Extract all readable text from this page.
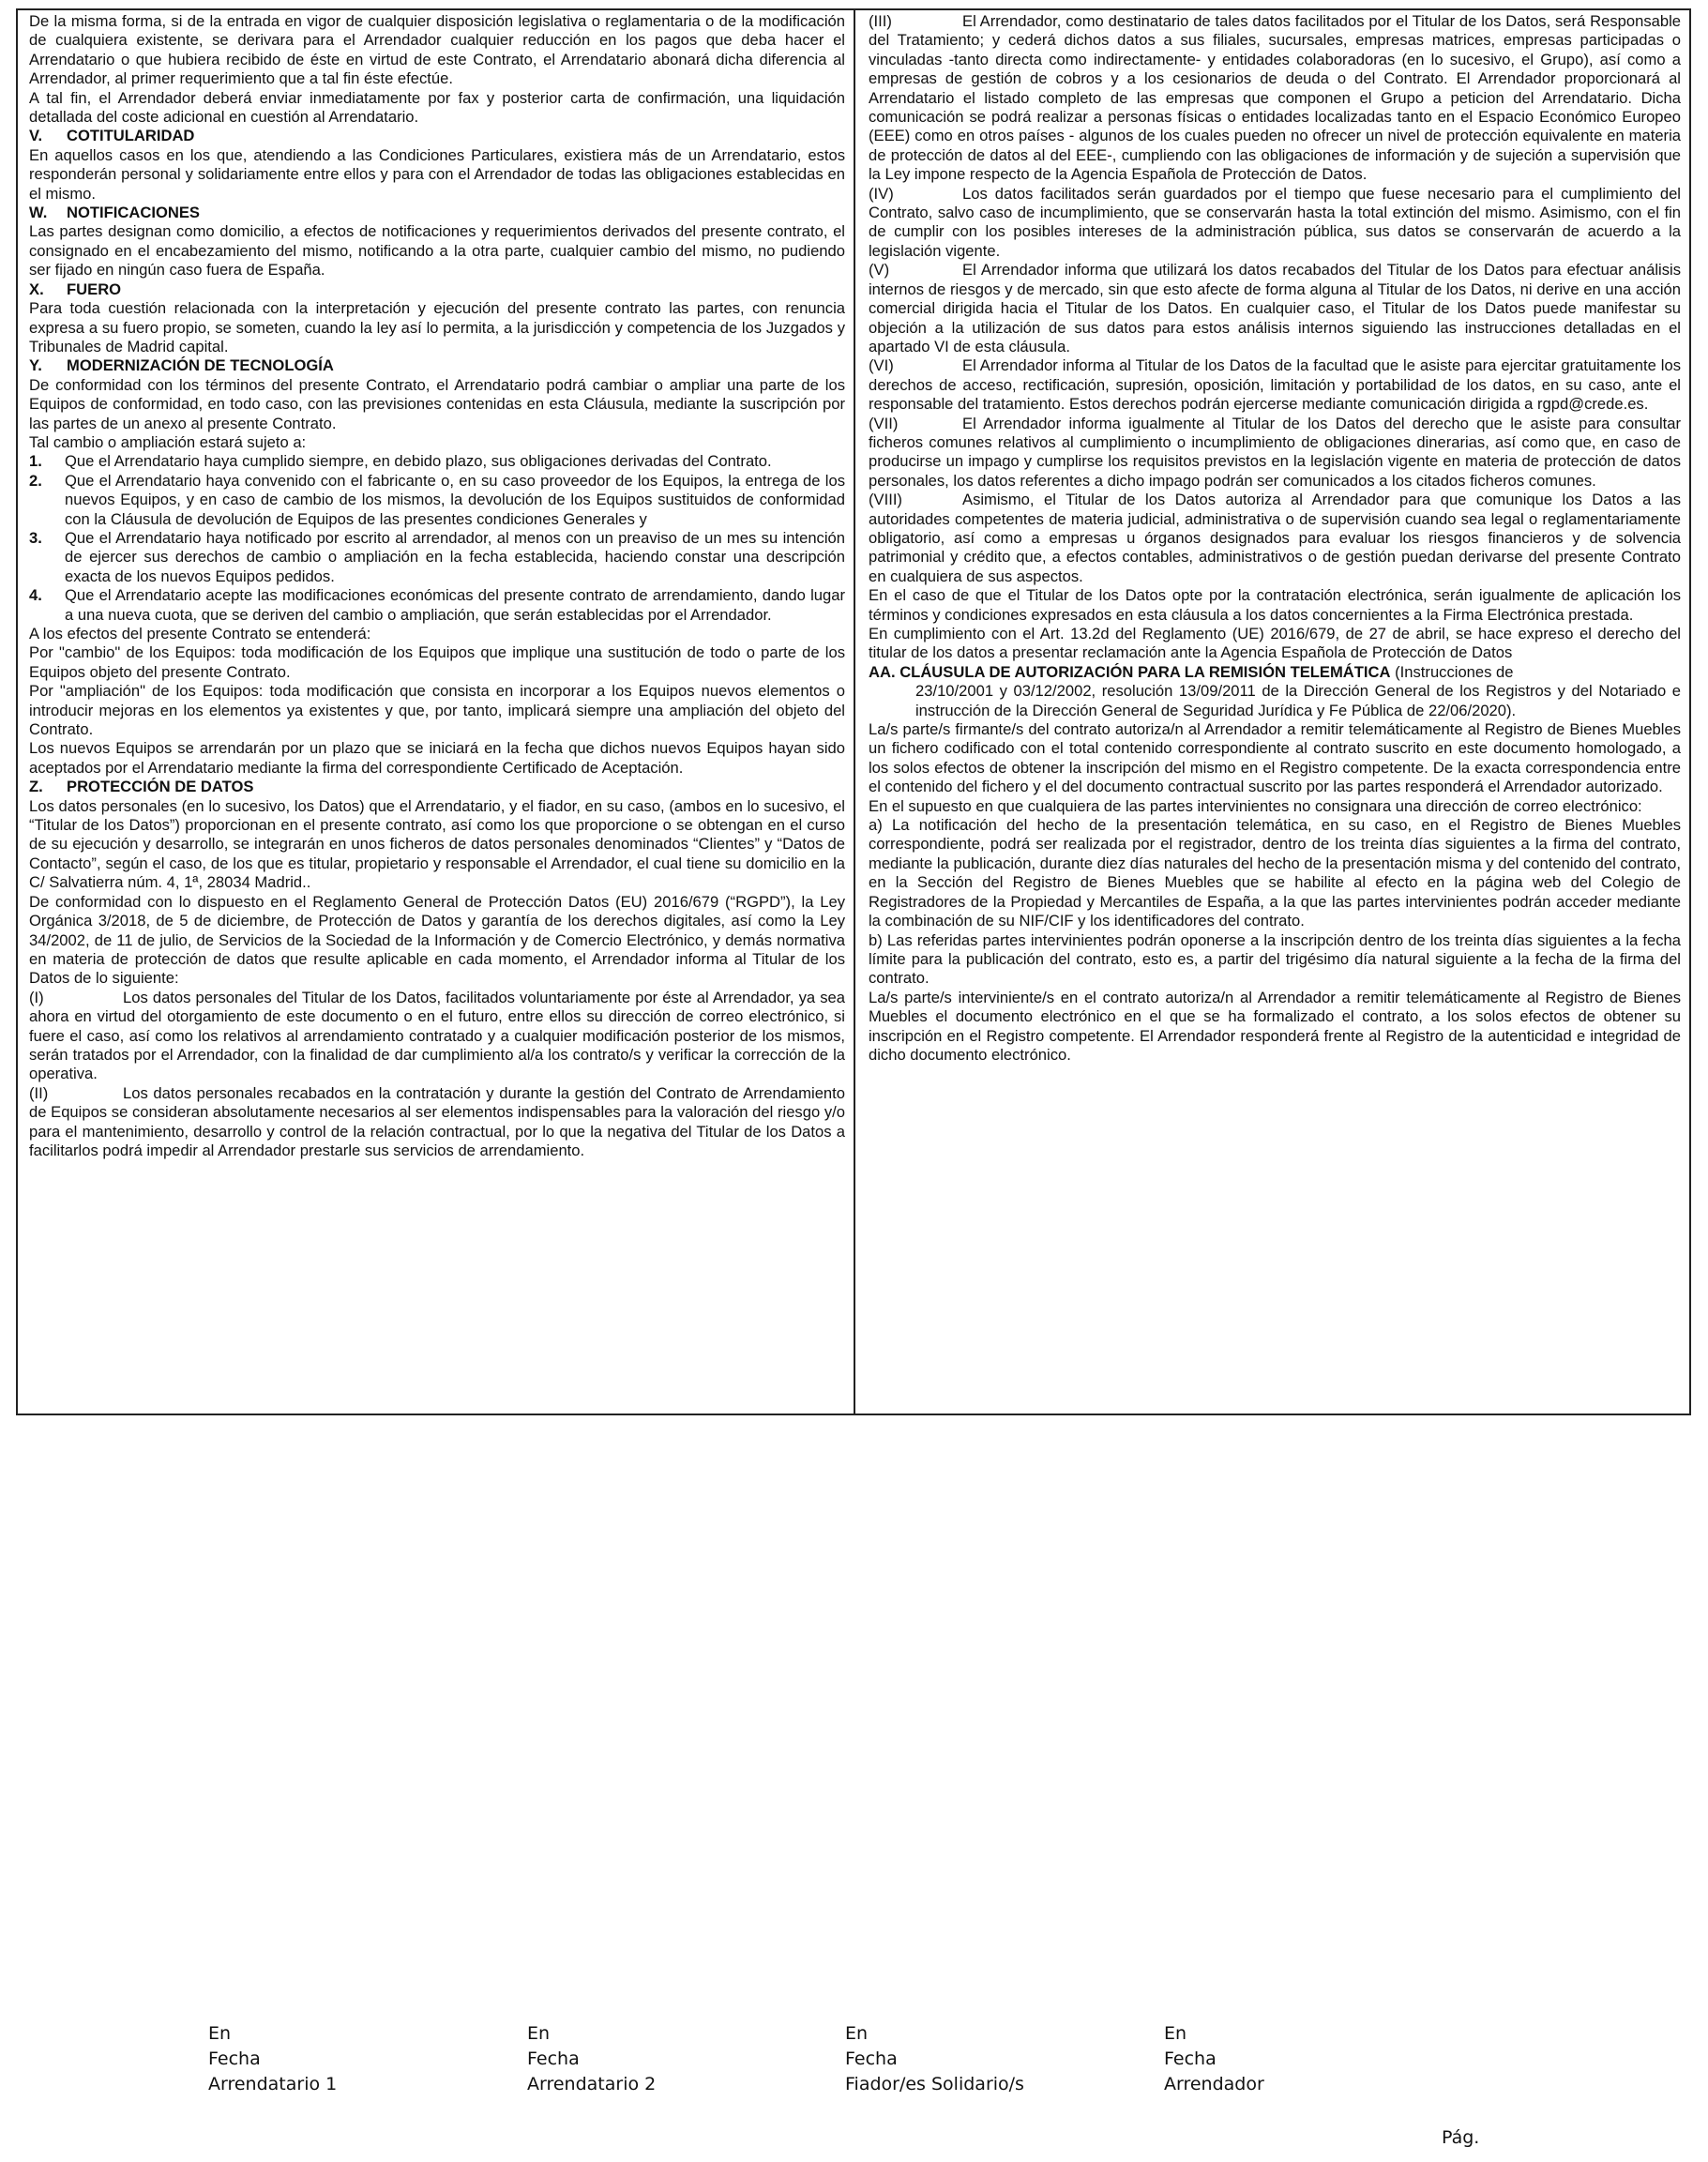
De la misma forma, si de la entrada en vigor de cualquier disposición legislativa o reglamentaria o de la modificación de cualquiera existente, se derivara para el Arrendador cualquier reducción en los pagos que deba hacer el Arrendatario o que hubiera recibido de éste en virtud de este Contrato, el Arrendatario abonará dicha diferencia al Arrendador, al primer requerimiento que a tal fin éste efectúe.

A tal fin, el Arrendador deberá enviar inmediatamente por fax y posterior carta de confirmación, una liquidación detallada del coste adicional en cuestión al Arrendatario.

V.	COTITULARIDAD

En aquellos casos en los que, atendiendo a las Condiciones Particulares, existiera más de un Arrendatario, estos responderán personal y solidariamente entre ellos y para con el Arrendador de todas las obligaciones establecidas en el mismo.

W.	NOTIFICACIONES

Las partes designan como domicilio, a efectos de notificaciones y requerimientos derivados del presente contrato, el consignado en el encabezamiento del mismo, notificando a la otra parte, cualquier cambio del mismo, no pudiendo ser fijado en ningún caso fuera de España.

X.	FUERO

Para toda cuestión relacionada con la interpretación y ejecución del presente contrato las partes, con renuncia expresa a su fuero propio, se someten, cuando la ley así lo permita, a la jurisdicción y competencia de los Juzgados y Tribunales de Madrid capital.

Y.	MODERNIZACIÓN DE TECNOLOGÍA

De conformidad con los términos del presente Contrato, el Arrendatario podrá cambiar o ampliar una parte de los Equipos de conformidad, en todo caso, con las previsiones contenidas en esta Cláusula, mediante la suscripción por las partes de un anexo al presente Contrato.

Tal cambio o ampliación estará sujeto a:

1.	Que el Arrendatario haya cumplido siempre, en debido plazo, sus obligaciones derivadas del Contrato.
2.	Que el Arrendatario haya convenido con el fabricante o, en su caso proveedor de los Equipos, la entrega de los nuevos Equipos, y en caso de cambio de los mismos, la devolución de los Equipos sustituidos de conformidad con la Cláusula de devolución de Equipos de las presentes condiciones Generales y
3.	Que el Arrendatario haya notificado por escrito al arrendador, al menos con un preaviso de un mes su intención de ejercer sus derechos de cambio o ampliación en la fecha establecida, haciendo constar una descripción exacta de los nuevos Equipos pedidos.
4.	Que el Arrendatario acepte las modificaciones económicas del presente contrato de arrendamiento, dando lugar a una nueva cuota, que se deriven del cambio o ampliación, que serán establecidas por el Arrendador.

A los efectos del presente Contrato se entenderá:

Por "cambio" de los Equipos: toda modificación de los Equipos que implique una sustitución de todo o parte de los Equipos objeto del presente Contrato.

Por "ampliación" de los Equipos: toda modificación que consista en incorporar a los Equipos nuevos elementos o introducir mejoras en los elementos ya existentes y que, por tanto, implicará siempre una ampliación del objeto del Contrato.

Los nuevos Equipos se arrendarán por un plazo que se iniciará en la fecha que dichos nuevos Equipos hayan sido aceptados por el Arrendatario mediante la firma del correspondiente Certificado de Aceptación.

Z.	PROTECCIÓN DE DATOS

Los datos personales (en lo sucesivo, los Datos) que el Arrendatario, y el fiador, en su caso, (ambos en lo sucesivo, el “Titular de los Datos”) proporcionan en el presente contrato, así como los que proporcione o se obtengan en el curso de su ejecución y desarrollo, se integrarán en unos ficheros de datos personales denominados “Clientes” y “Datos de Contacto”, según el caso, de los que es titular, propietario y responsable el Arrendador, el cual tiene su domicilio en la C/ Salvatierra núm. 4, 1ª, 28034 Madrid..

De conformidad con lo dispuesto en el Reglamento General de Protección Datos (EU) 2016/679 (“RGPD”), la Ley Orgánica 3/2018, de 5 de diciembre, de Protección de Datos y garantía de los derechos digitales, así como la Ley 34/2002, de 11 de julio, de Servicios de la Sociedad de la Información y de Comercio Electrónico, y demás normativa en materia de protección de datos que resulte aplicable en cada momento, el Arrendador informa al Titular de los Datos de lo siguiente:

(I)	Los datos personales del Titular de los Datos, facilitados voluntariamente por éste al Arrendador, ya sea ahora en virtud del otorgamiento de este documento o en el futuro, entre ellos su dirección de correo electrónico, si fuere el caso, así como los relativos al arrendamiento contratado y a cualquier modificación posterior de los mismos, serán tratados por el Arrendador, con la finalidad de dar cumplimiento al/a los contrato/s y verificar la corrección de la operativa.

(II)	Los datos personales recabados en la contratación y durante la gestión del Contrato de Arrendamiento de Equipos se consideran absolutamente necesarios al ser elementos indispensables para la valoración del riesgo y/o para el mantenimiento, desarrollo y control de la relación contractual, por lo que la negativa del Titular de los Datos a facilitarlos podrá impedir al Arrendador prestarle sus servicios de arrendamiento.

(III)	El Arrendador, como destinatario de tales datos facilitados por el Titular de los Datos, será Responsable del Tratamiento; y cederá dichos datos a sus filiales, sucursales, empresas matrices, empresas participadas o vinculadas -tanto directa como indirectamente- y entidades colaboradoras (en lo sucesivo, el Grupo), así como a empresas de gestión de cobros y a los cesionarios de deuda o del Contrato. El Arrendador proporcionará al Arrendatario el listado completo de las empresas que componen el Grupo a peticion del Arrendatario. Dicha comunicación se podrá realizar a personas físicas o entidades localizadas tanto en el Espacio Económico Europeo (EEE) como en otros países - algunos de los cuales pueden no ofrecer un nivel de protección equivalente en materia de protección de datos al del EEE-, cumpliendo con las obligaciones de información y de sujeción a supervisión que la Ley impone respecto de la Agencia Española de Protección de Datos.

(IV)	Los datos facilitados serán guardados por el tiempo que fuese necesario para el cumplimiento del Contrato, salvo caso de incumplimiento, que se conservarán hasta la total extinción del mismo. Asimismo, con el fin de cumplir con los posibles intereses de la administración pública, sus datos se conservarán de acuerdo a la legislación vigente.

(V)	El Arrendador informa que utilizará los datos recabados del Titular de los Datos para efectuar análisis internos de riesgos y de mercado, sin que esto afecte de forma alguna al Titular de los Datos, ni derive en una acción comercial dirigida hacia el Titular de los Datos. En cualquier caso, el Titular de los Datos puede manifestar su objeción a la utilización de sus datos para estos análisis internos siguiendo las instrucciones detalladas en el apartado VI de esta cláusula.

(VI)	El Arrendador informa al Titular de los Datos de la facultad que le asiste para ejercitar gratuitamente los derechos de acceso, rectificación, supresión, oposición, limitación y portabilidad de los datos, en su caso, ante el responsable del tratamiento. Estos derechos podrán ejercerse mediante comunicación dirigida a rgpd@crede.es.

(VII)	El Arrendador informa igualmente al Titular de los Datos del derecho que le asiste para consultar ficheros comunes relativos al cumplimiento o incumplimiento de obligaciones dinerarias, así como que, en caso de producirse un impago y cumplirse los requisitos previstos en la legislación vigente en materia de protección de datos personales, los datos referentes a dicho impago podrán ser comunicados a los citados ficheros comunes.

(VIII)	Asimismo, el Titular de los Datos autoriza al Arrendador para que comunique los Datos a las autoridades competentes de materia judicial, administrativa o de supervisión cuando sea legal o reglamentariamente obligatorio, así como a empresas u órganos designados para evaluar los riesgos financieros y de solvencia patrimonial y crédito que, a efectos contables, administrativos o de gestión puedan derivarse del presente Contrato en cualquiera de sus aspectos.

En el caso de que el Titular de los Datos opte por la contratación electrónica, serán igualmente de aplicación los términos y condiciones expresados en esta cláusula a los datos concernientes a la Firma Electrónica prestada.

En cumplimiento con el Art. 13.2d del Reglamento (UE) 2016/679, de 27 de abril, se hace expreso el derecho del titular de los datos a presentar reclamación ante la Agencia Española de Protección de Datos

AA. CLÁUSULA DE AUTORIZACIÓN PARA LA REMISIÓN TELEMÁTICA (Instrucciones de

23/10/2001 y 03/12/2002, resolución 13/09/2011 de la Dirección General de los Registros y del Notariado e instrucción de la Dirección General de Seguridad Jurídica y Fe Pública de 22/06/2020).

La/s parte/s firmante/s del contrato autoriza/n al Arrendador a remitir telemáticamente al Registro de Bienes Muebles un fichero codificado con el total contenido correspondiente al contrato suscrito en este documento homologado, a los solos efectos de obtener la inscripción del mismo en el Registro competente. De la exacta correspondencia entre el contenido del fichero y el del documento contractual suscrito por las partes responderá el Arrendador autorizado.

En el supuesto en que cualquiera de las partes intervinientes no consignara una dirección de correo electrónico:

a) La notificación del hecho de la presentación telemática, en su caso, en el Registro de Bienes Muebles correspondiente, podrá ser realizada por el registrador, dentro de los treinta días siguientes a la firma del contrato, mediante la publicación, durante diez días naturales del hecho de la presentación misma y del contenido del contrato, en la Sección del Registro de Bienes Muebles que se habilite al efecto en la página web del Colegio de Registradores de la Propiedad y Mercantiles de España, a la que las partes intervinientes podrán acceder mediante la combinación de su NIF/CIF y los identificadores del contrato.

b) Las referidas partes intervinientes podrán oponerse a la inscripción dentro de los treinta días siguientes a la fecha límite para la publicación del contrato, esto es, a partir del trigésimo día natural siguiente a la fecha de la firma del contrato.

La/s parte/s interviniente/s en el contrato autoriza/n al Arrendador a remitir telemáticamente al Registro de Bienes Muebles el documento electrónico en el que se ha formalizado el contrato, a los solos efectos de obtener su inscripción en el Registro competente. El Arrendador responderá frente al Registro de la autenticidad e integridad de dicho documento electrónico.

En
Fecha
Arrendatario 1
En
Fecha
Arrendatario 2
En
Fecha
Fiador/es Solidario/s
En
Fecha
Arrendador
Pág.
